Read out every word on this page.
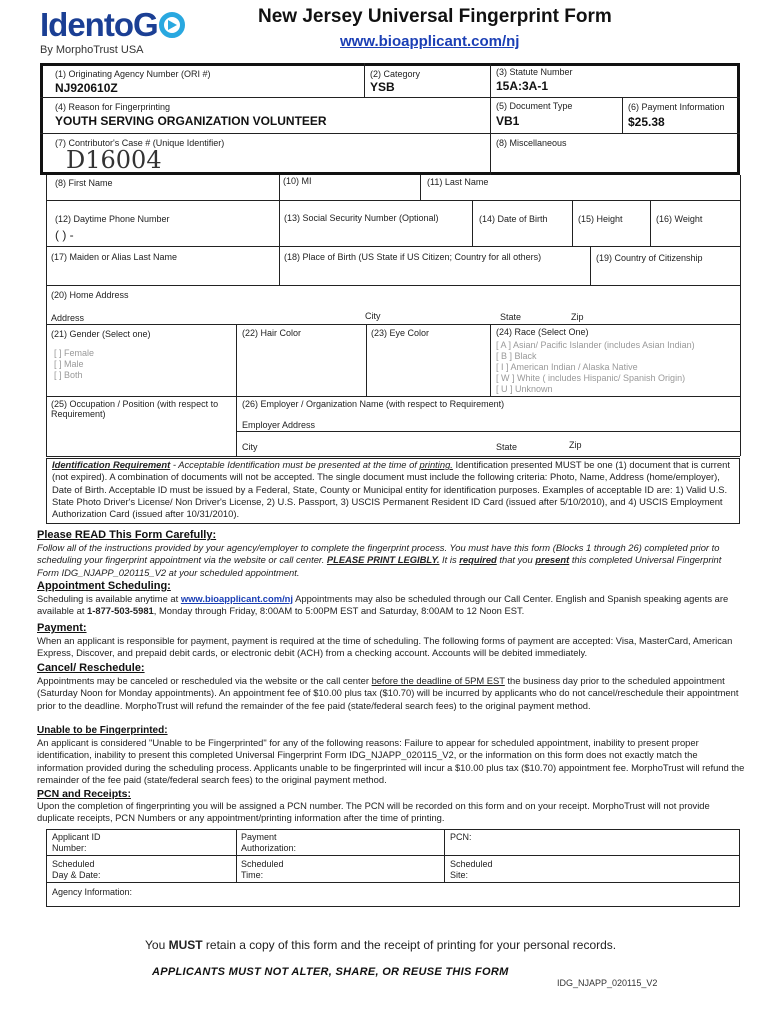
IdentoG
By MorphoTrust USA
New Jersey Universal Fingerprint Form
www.bioapplicant.com/nj
(1) Originating Agency Number (ORI #)
NJ920610Z
(2) Category
YSB
(3) Statute Number
15A:3A-1
(4) Reason for Fingerprinting
YOUTH SERVING ORGANIZATION VOLUNTEER
(5) Document Type
VB1
(6) Payment Information
$25.38
(7) Contributor's Case # (Unique Identifier)
D16004
(8) Miscellaneous
(8) First Name	(10) MI	(11) Last Name
(12) Daytime Phone Number
( ) -
(13) Social Security Number (Optional)	(14) Date of Birth	(15) Height	(16) Weight
(17) Maiden or Alias Last Name	(18) Place of Birth (US State if US Citizen; Country for all others)	(19) Country of Citizenship
(20) Home Address
Address	City	State	Zip
(21) Gender (Select one)
[ ] Female
[ ] Male
[ ] Both
(22) Hair Color	(23) Eye Color	(24) Race (Select One)
[ A ] Asian/ Pacific Islander (includes Asian Indian)
[ B ] Black
[ I ] American Indian / Alaska Native
[ W ] White ( includes Hispanic/ Spanish Origin)
[ U ] Unknown
(25) Occupation / Position (with respect to Requirement)
(26) Employer / Organization Name (with respect to Requirement)
Employer Address
City	State	Zip
Identification Requirement - Acceptable Identification must be presented at the time of printing. Identification presented MUST be one (1) document that is current (not expired). A combination of documents will not be accepted. The single document must include the following criteria: Photo, Name, Address (home/employer), Date of Birth. Acceptable ID must be issued by a Federal, State, County or Municipal entity for identification purposes. Examples of acceptable ID are: 1) Valid U.S. State Photo Driver's License/ Non Driver's License, 2) U.S. Passport, 3) USCIS Permanent Resident ID Card (issued after 5/10/2010), and 4) USCIS Employment Authorization Card (issued after 10/31/2010).
Please READ This Form Carefully:
Follow all of the instructions provided by your agency/employer to complete the fingerprint process. You must have this form (Blocks 1 through 26) completed prior to scheduling your fingerprint appointment via the website or call center. PLEASE PRINT LEGIBLY. It is required that you present this completed Universal Fingerprint Form IDG_NJAPP_020115_V2 at your scheduled appointment.
Appointment Scheduling:
Scheduling is available anytime at www.bioapplicant.com/nj Appointments may also be scheduled through our Call Center. English and Spanish speaking agents are available at 1-877-503-5981, Monday through Friday, 8:00AM to 5:00PM EST and Saturday, 8:00AM to 12 Noon EST.
Payment:
When an applicant is responsible for payment, payment is required at the time of scheduling. The following forms of payment are accepted: Visa, MasterCard, American Express, Discover, and prepaid debit cards, or electronic debit (ACH) from a checking account. Accounts will be debited immediately.
Cancel/ Reschedule:
Appointments may be canceled or rescheduled via the website or the call center before the deadline of 5PM EST the business day prior to the scheduled appointment (Saturday Noon for Monday appointments). An appointment fee of $10.00 plus tax ($10.70) will be incurred by applicants who do not cancel/reschedule their appointment prior to the deadline. MorphoTrust will refund the remainder of the fee paid (state/federal search fees) to the original payment method.
Unable to be Fingerprinted:
An applicant is considered "Unable to be Fingerprinted" for any of the following reasons: Failure to appear for scheduled appointment, inability to present proper identification, inability to present this completed Universal Fingerprint Form IDG_NJAPP_020115_V2, or the information on this form does not exactly match the information provided during the scheduling process. Applicants unable to be fingerprinted will incur a $10.00 plus tax ($10.70) appointment fee. MorphoTrust will refund the remainder of the fee paid (state/federal search fees) to the original payment method.
PCN and Receipts:
Upon the completion of fingerprinting you will be assigned a PCN number. The PCN will be recorded on this form and on your receipt. MorphoTrust will not provide duplicate receipts, PCN Numbers or any appointment/printing information after the time of printing.
Applicant ID
Number:
Payment
Authorization:
PCN:
Scheduled
Day & Date:
Scheduled
Time:
Scheduled
Site:
Agency Information:
You MUST retain a copy of this form and the receipt of printing for your personal records.
APPLICANTS MUST NOT ALTER, SHARE, OR REUSE THIS FORM
IDG_NJAPP_020115_V2
